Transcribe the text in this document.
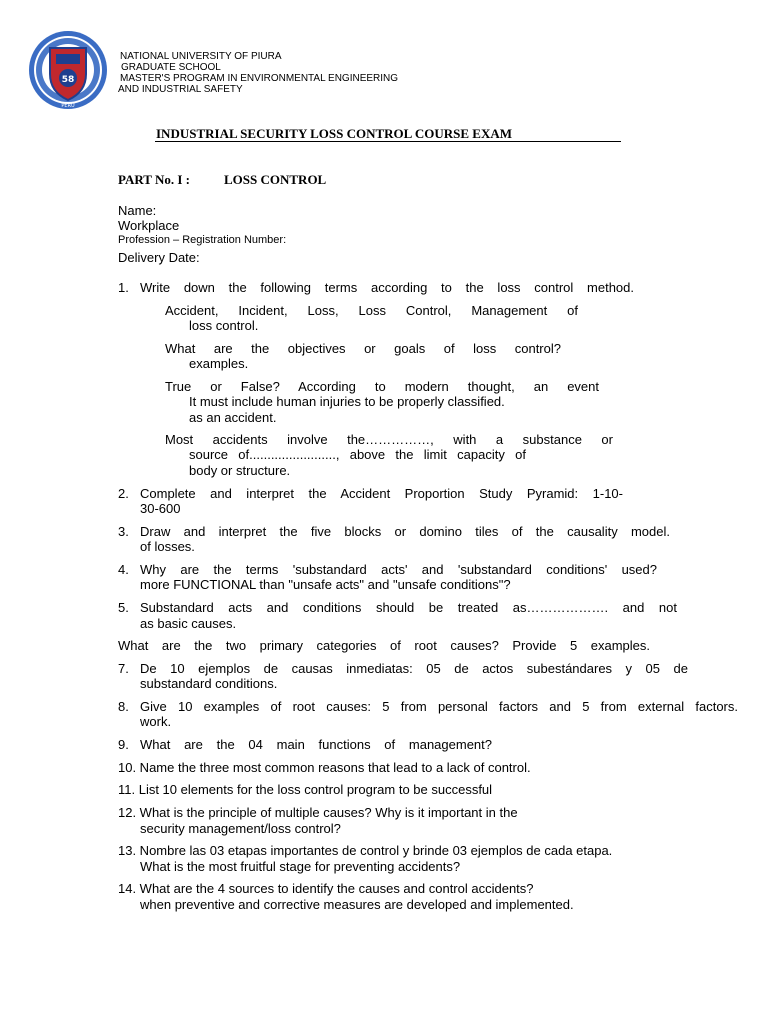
58
PERU
NATIONAL UNIVERSITY OF PIURA
GRADUATE SCHOOL
MASTER'S PROGRAM IN ENVIRONMENTAL ENGINEERING
AND INDUSTRIAL SAFETY
INDUSTRIAL SECURITY LOSS CONTROL COURSE EXAM
PART No. I :	LOSS CONTROL
Name:
Workplace
Profession – Registration Number:
Delivery Date:
1. Write down the following terms according to the loss control method.
Accident, Incident, Loss, Loss Control, Management of
loss control.
What are the objectives or goals of loss control?
examples.
True or False? According to modern thought, an event
It must include human injuries to be properly classified.
as an accident.
Most accidents involve the……………, with a substance or
source of........................, above the limit capacity of
body or structure.
2. Complete and interpret the Accident Proportion Study Pyramid: 1-10-
30-600
3. Draw and interpret the five blocks or domino tiles of the causality model.
of losses.
4. Why are the terms 'substandard acts' and 'substandard conditions' used?
more FUNCTIONAL than "unsafe acts" and "unsafe conditions"?
5. Substandard acts and conditions should be treated as………………. and not
as basic causes.
What are the two primary categories of root causes? Provide 5 examples.
7. De 10 ejemplos de causas inmediatas: 05 de actos subestándares y 05 de
substandard conditions.
8. Give 10 examples of root causes: 5 from personal factors and 5 from external factors.
work.
9. What are the 04 main functions of management?
10. Name the three most common reasons that lead to a lack of control.
11. List 10 elements for the loss control program to be successful
12. What is the principle of multiple causes? Why is it important in the
security management/loss control?
13. Nombre las 03 etapas importantes de control y brinde 03 ejemplos de cada etapa.
What is the most fruitful stage for preventing accidents?
14. What are the 4 sources to identify the causes and control accidents?
when preventive and corrective measures are developed and implemented.
